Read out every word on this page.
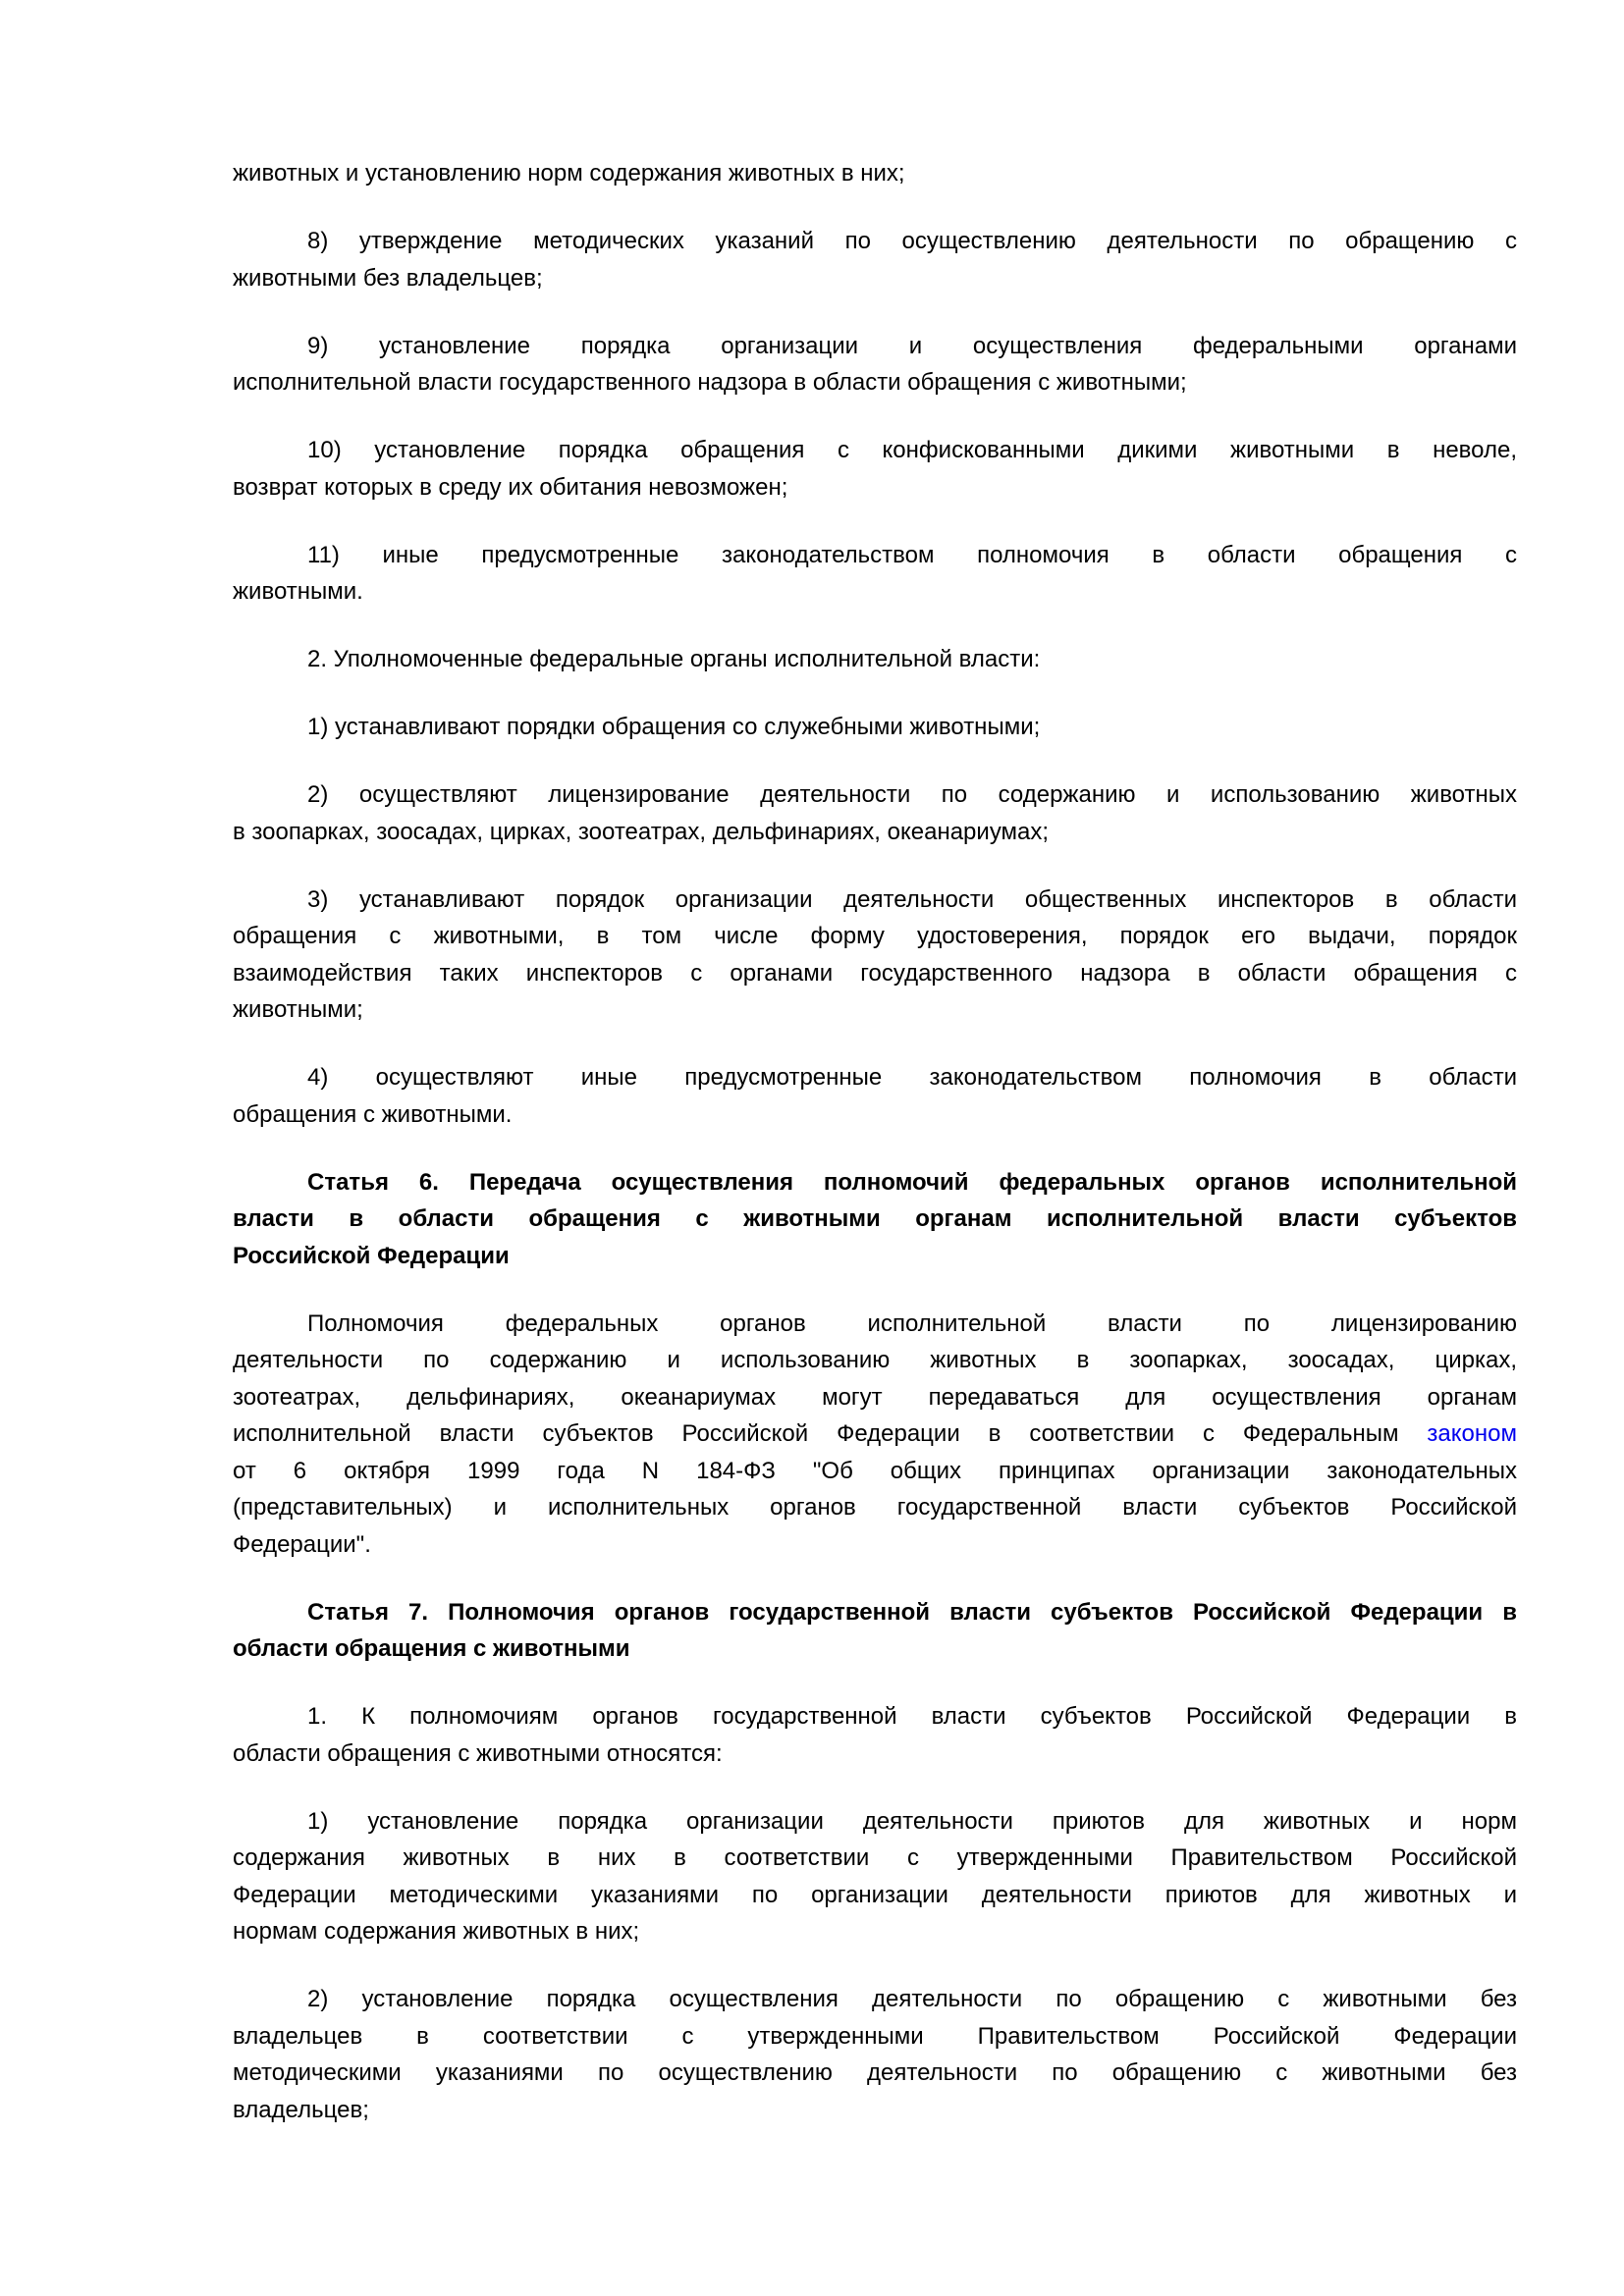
животных и установлению норм содержания животных в них;
8) утверждение методических указаний по осуществлению деятельности по обращению с
животными без владельцев;
9) установление порядка организации и осуществления федеральными органами
исполнительной власти государственного надзора в области обращения с животными;
10) установление порядка обращения с конфискованными дикими животными в неволе,
возврат которых в среду их обитания невозможен;
11) иные предусмотренные законодательством полномочия в области обращения с
животными.
2. Уполномоченные федеральные органы исполнительной власти:
1) устанавливают порядки обращения со служебными животными;
2) осуществляют лицензирование деятельности по содержанию и использованию животных
в зоопарках, зоосадах, цирках, зоотеатрах, дельфинариях, океанариумах;
3) устанавливают порядок организации деятельности общественных инспекторов в области
обращения с животными, в том числе форму удостоверения, порядок его выдачи, порядок
взаимодействия таких инспекторов с органами государственного надзора в области обращения с
животными;
4) осуществляют иные предусмотренные законодательством полномочия в области
обращения с животными.
Статья 6. Передача осуществления полномочий федеральных органов исполнительной
власти в области обращения с животными органам исполнительной власти субъектов
Российской Федерации
Полномочия федеральных органов исполнительной власти по лицензированию
деятельности по содержанию и использованию животных в зоопарках, зоосадах, цирках,
зоотеатрах, дельфинариях, океанариумах могут передаваться для осуществления органам
исполнительной власти субъектов Российской Федерации в соответствии с Федеральным законом
от 6 октября 1999 года N 184-ФЗ "Об общих принципах организации законодательных
(представительных) и исполнительных органов государственной власти субъектов Российской
Федерации".
Статья 7. Полномочия органов государственной власти субъектов Российской Федерации в
области обращения с животными
1. К полномочиям органов государственной власти субъектов Российской Федерации в
области обращения с животными относятся:
1) установление порядка организации деятельности приютов для животных и норм
содержания животных в них в соответствии с утвержденными Правительством Российской
Федерации методическими указаниями по организации деятельности приютов для животных и
нормам содержания животных в них;
2) установление порядка осуществления деятельности по обращению с животными без
владельцев в соответствии с утвержденными Правительством Российской Федерации
методическими указаниями по осуществлению деятельности по обращению с животными без
владельцев;
